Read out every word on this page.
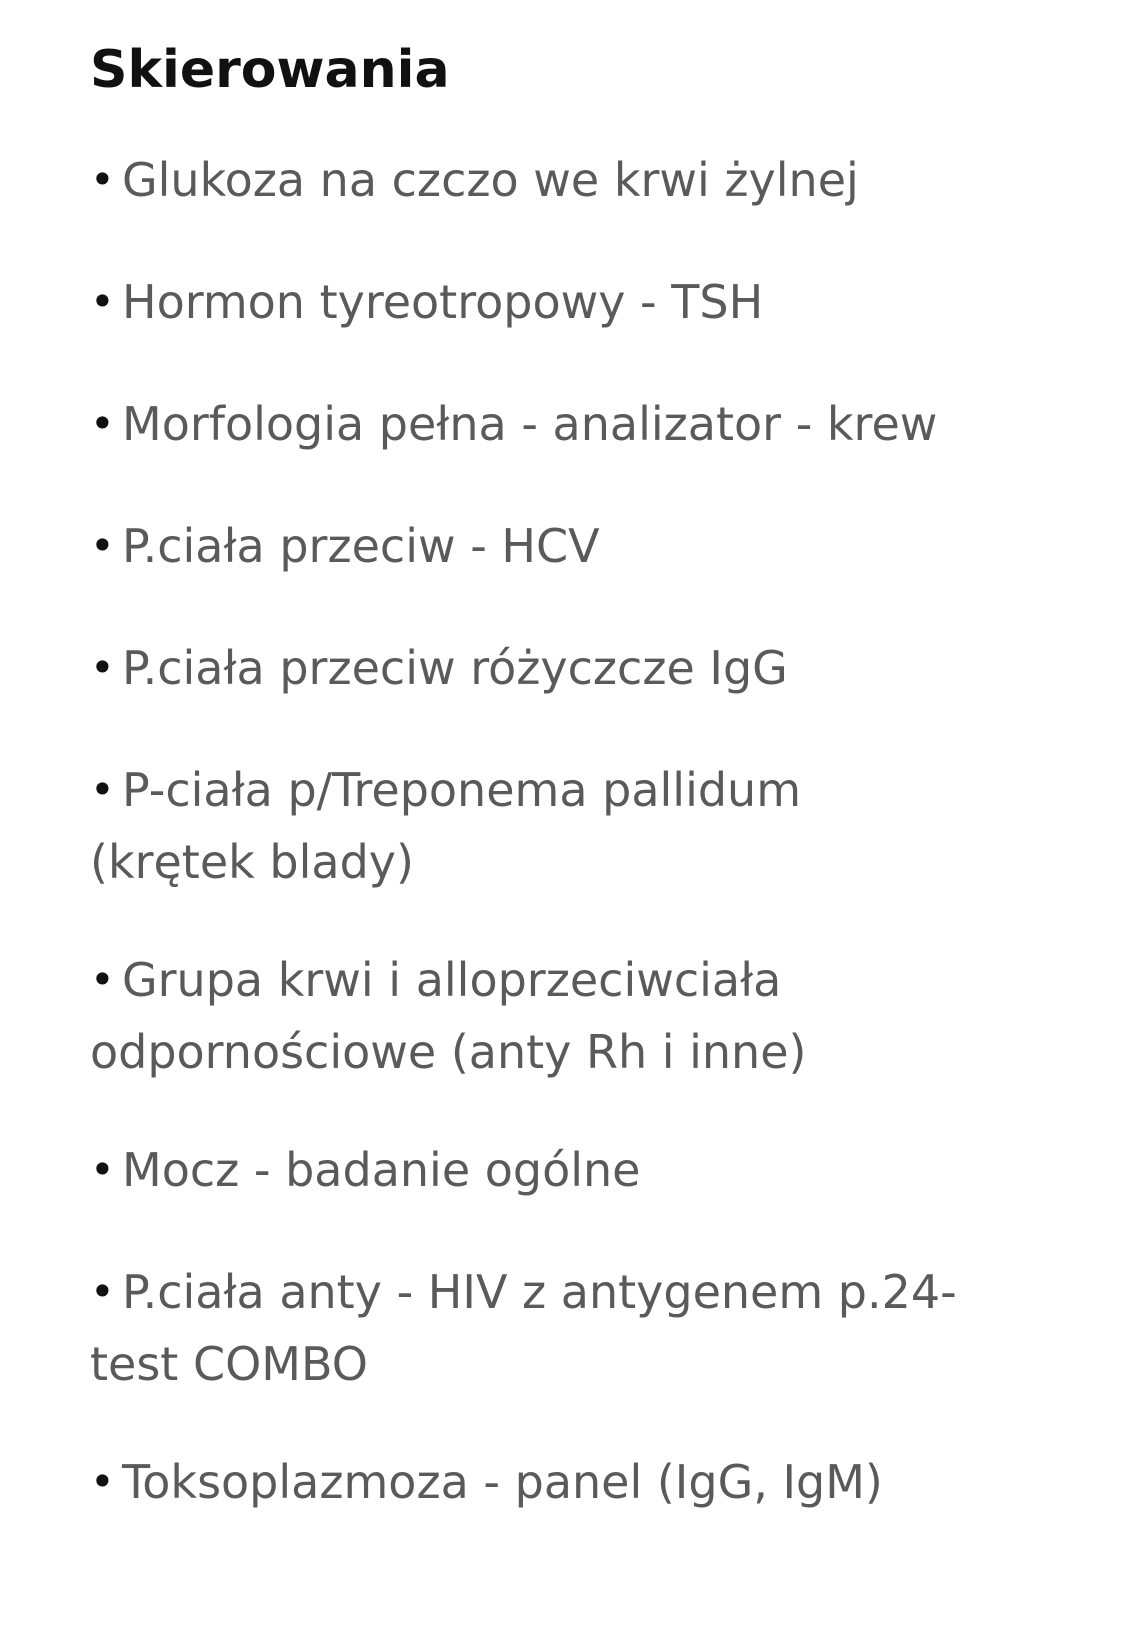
Skierowania
• Glukoza na czczo we krwi żylnej
• Hormon tyreotropowy - TSH
• Morfologia pełna - analizator - krew
• P.ciała przeciw - HCV
• P.ciała przeciw różyczcze IgG
• P-ciała p/Treponema pallidum
(krętek blady)
• Grupa krwi i alloprzeciwciała
odpornościowe (anty Rh i inne)
• Mocz - badanie ogólne
• P.ciała anty - HIV z antygenem p.24-
test COMBO
• Toksoplazmoza - panel (IgG, IgM)
